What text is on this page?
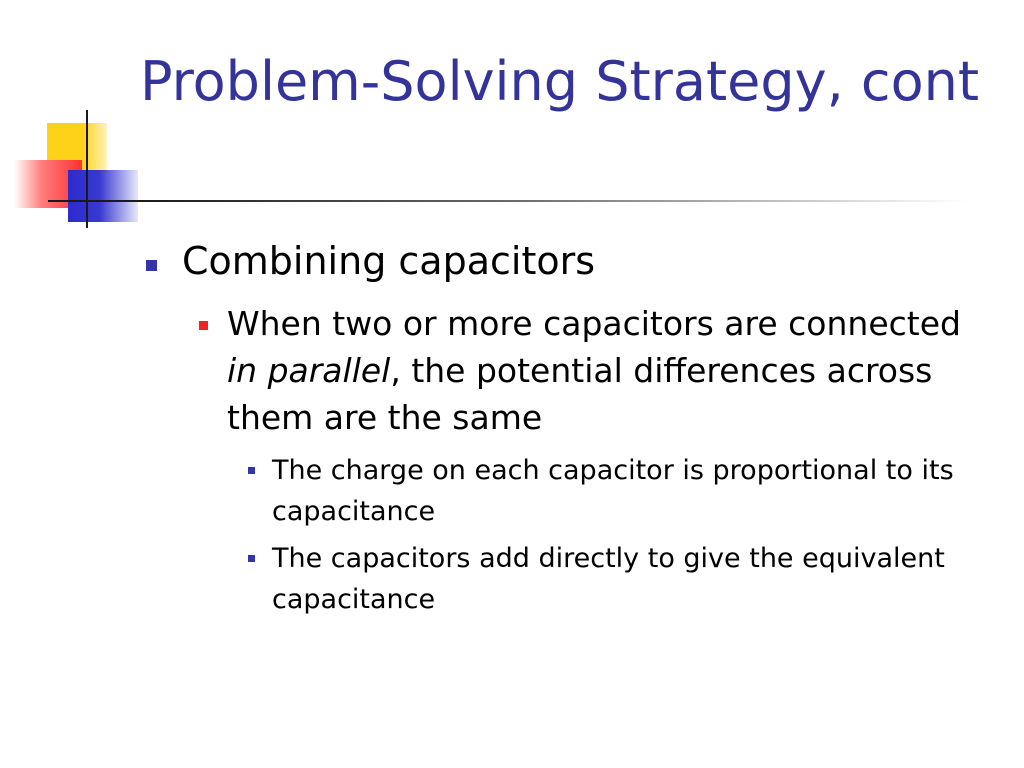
Problem-Solving Strategy, cont
Combining capacitors
When two or more capacitors are connected in parallel, the potential differences across them are the same
The charge on each capacitor is proportional to its capacitance
The capacitors add directly to give the equivalent capacitance
